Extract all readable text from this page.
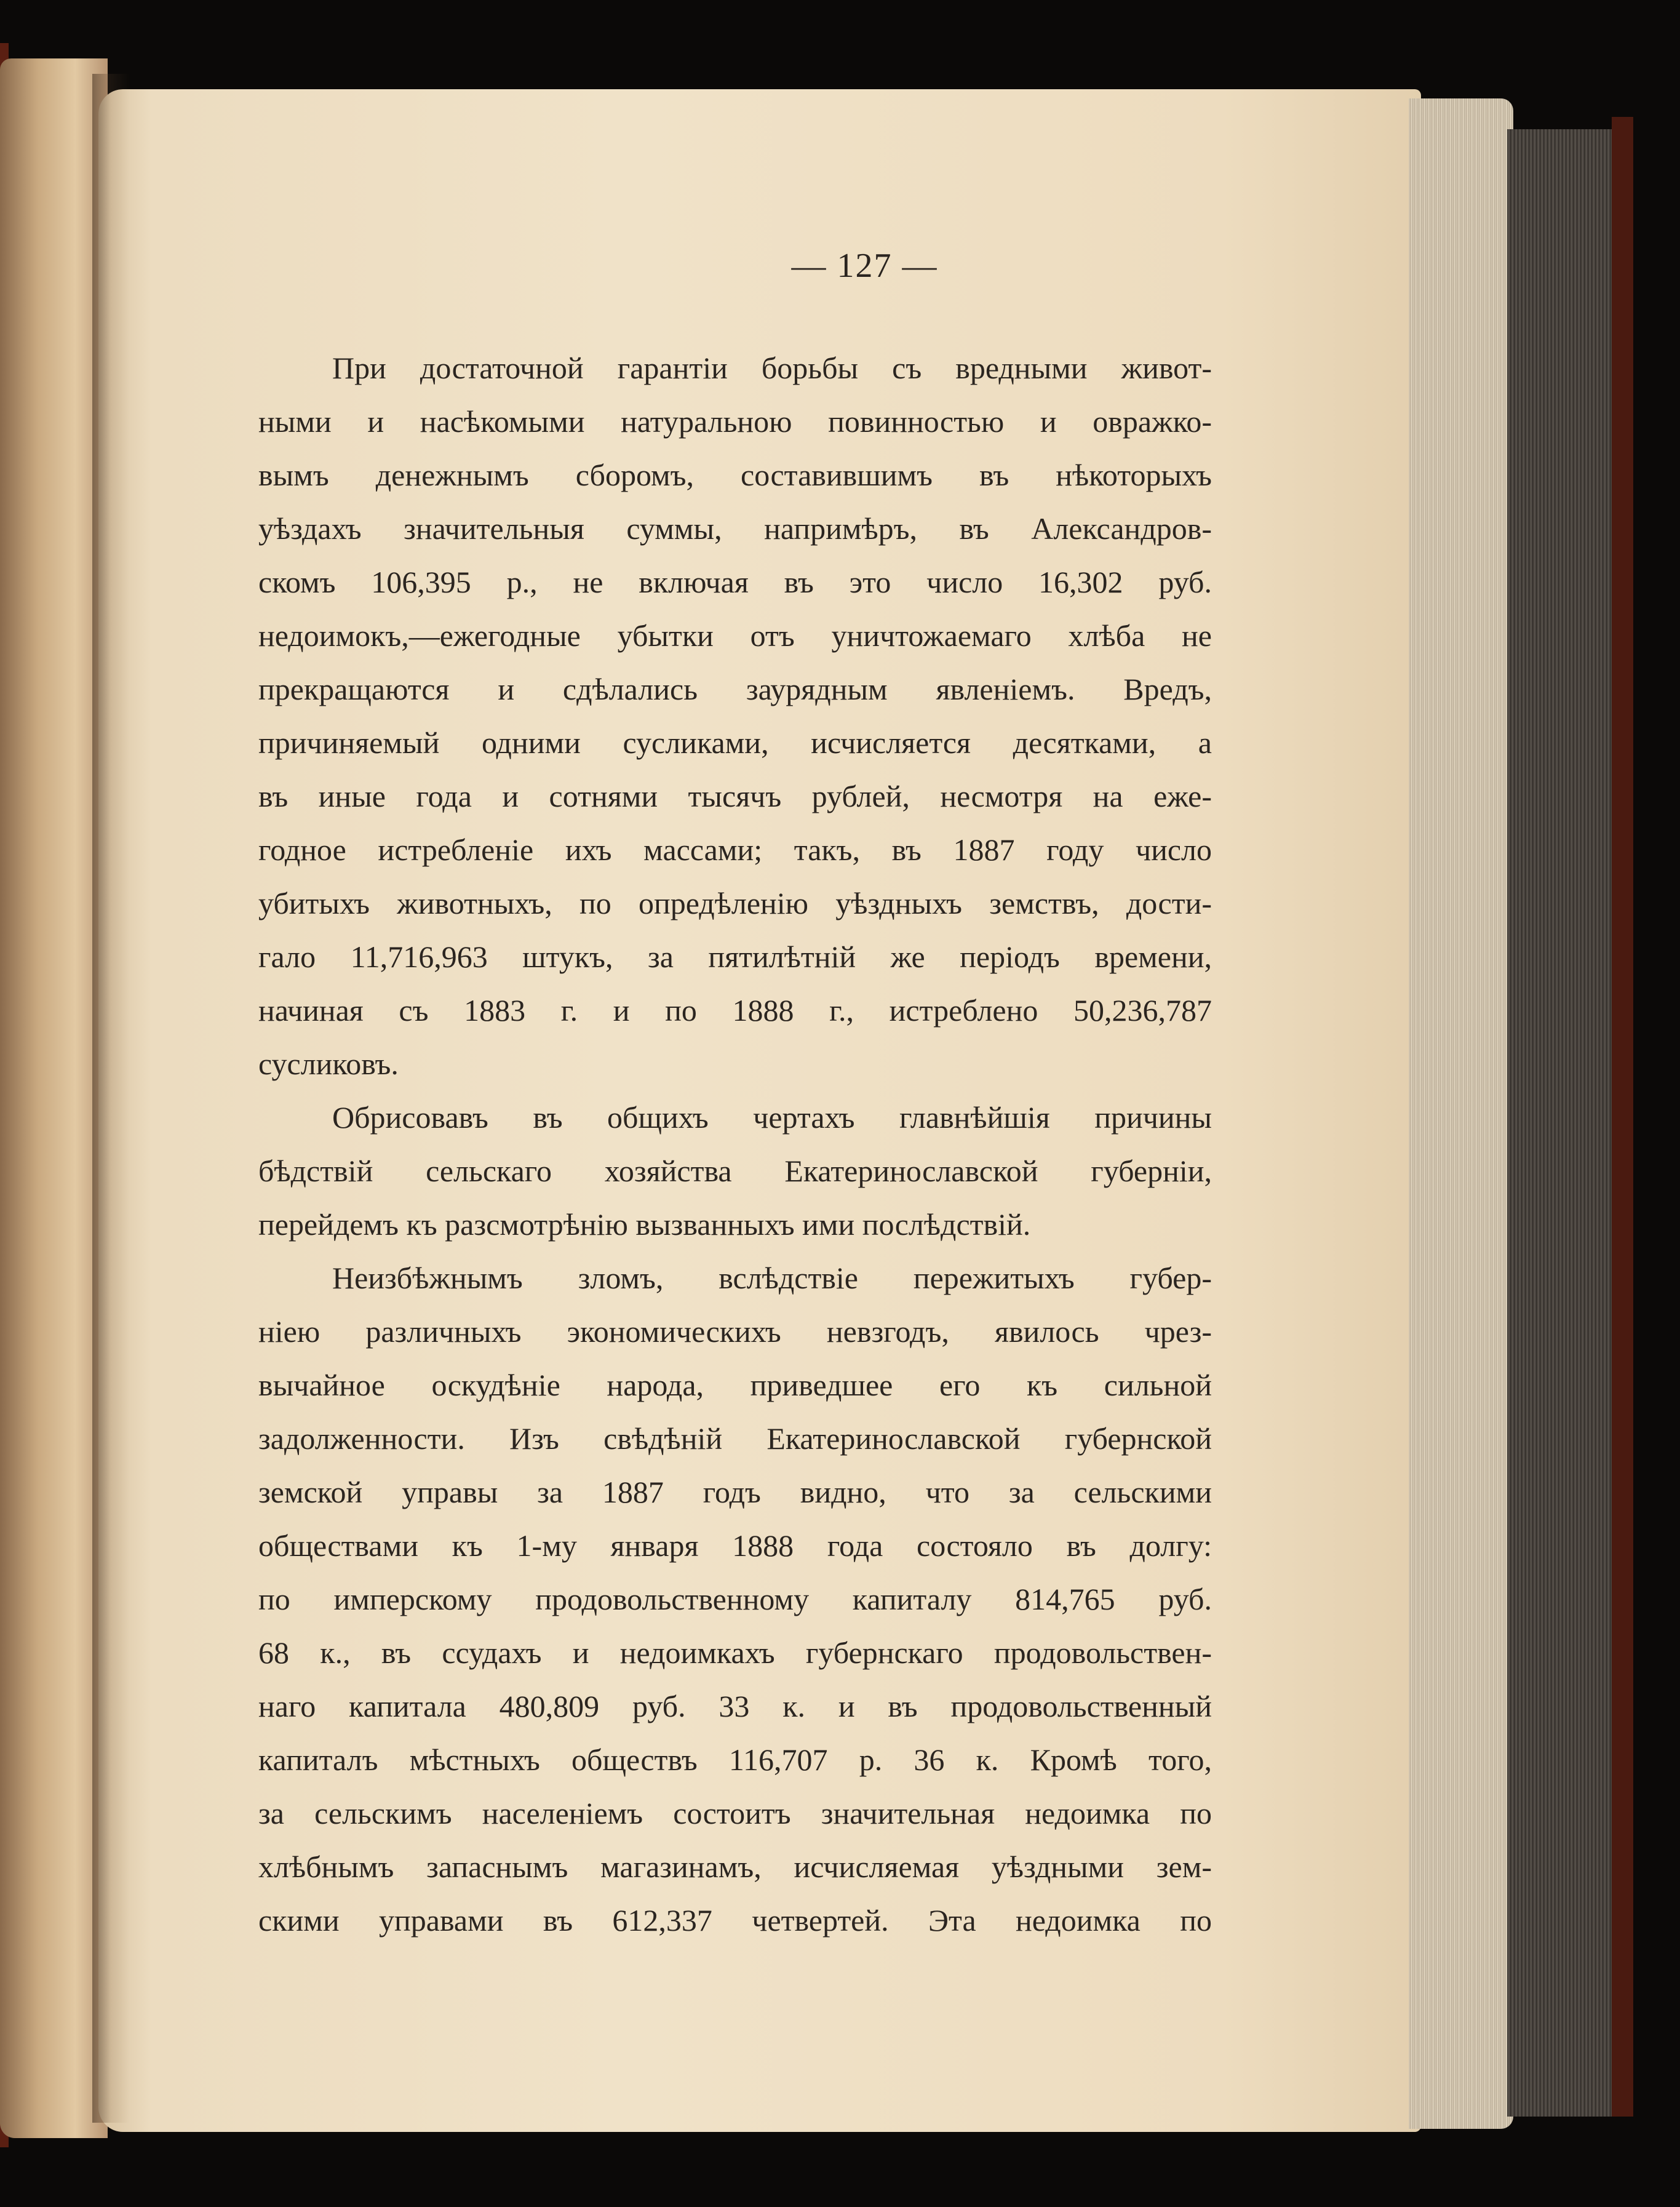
— 127 —
При достаточной гарантіи борьбы съ вредными живот-
ными и насѣкомыми натуральною повинностью и овражко-
вымъ денежнымъ сборомъ, составившимъ въ нѣкоторыхъ
уѣздахъ значительныя суммы, напримѣръ, въ Александров-
скомъ 106,395 р., не включая въ это число 16,302 руб.
недоимокъ,—ежегодные убытки отъ уничтожаемаго хлѣба не
прекращаются и сдѣлались заурядным явленіемъ. Вредъ,
причиняемый одними сусликами, исчисляется десятками, а
въ иные года и сотнями тысячъ рублей, несмотря на еже-
годное истребленіе ихъ массами; такъ, въ 1887 году число
убитыхъ животныхъ, по опредѣленію уѣздныхъ земствъ, дости-
гало 11,716,963 штукъ, за пятилѣтній же періодъ времени,
начиная съ 1883 г. и по 1888 г., истреблено 50,236,787
сусликовъ.
Обрисовавъ въ общихъ чертахъ главнѣйшія причины
бѣдствій сельскаго хозяйства Екатеринославской губерніи,
перейдемъ къ разсмотрѣнію вызванныхъ ими послѣдствій.
Неизбѣжнымъ зломъ, вслѣдствіе пережитыхъ губер-
ніею различныхъ экономическихъ невзгодъ, явилось чрез-
вычайное оскудѣніе народа, приведшее его къ сильной
задолженности. Изъ свѣдѣній Екатеринославской губернской
земской управы за 1887 годъ видно, что за сельскими
обществами къ 1-му января 1888 года состояло въ долгу:
по имперскому продовольственному капиталу 814,765 руб.
68 к., въ ссудахъ и недоимкахъ губернскаго продовольствен-
наго капитала 480,809 руб. 33 к. и въ продовольственный
капиталъ мѣстныхъ обществъ 116,707 р. 36 к. Кромѣ того,
за сельскимъ населеніемъ состоитъ значительная недоимка по
хлѣбнымъ запаснымъ магазинамъ, исчисляемая уѣздными зем-
скими управами въ 612,337 четвертей. Эта недоимка по
